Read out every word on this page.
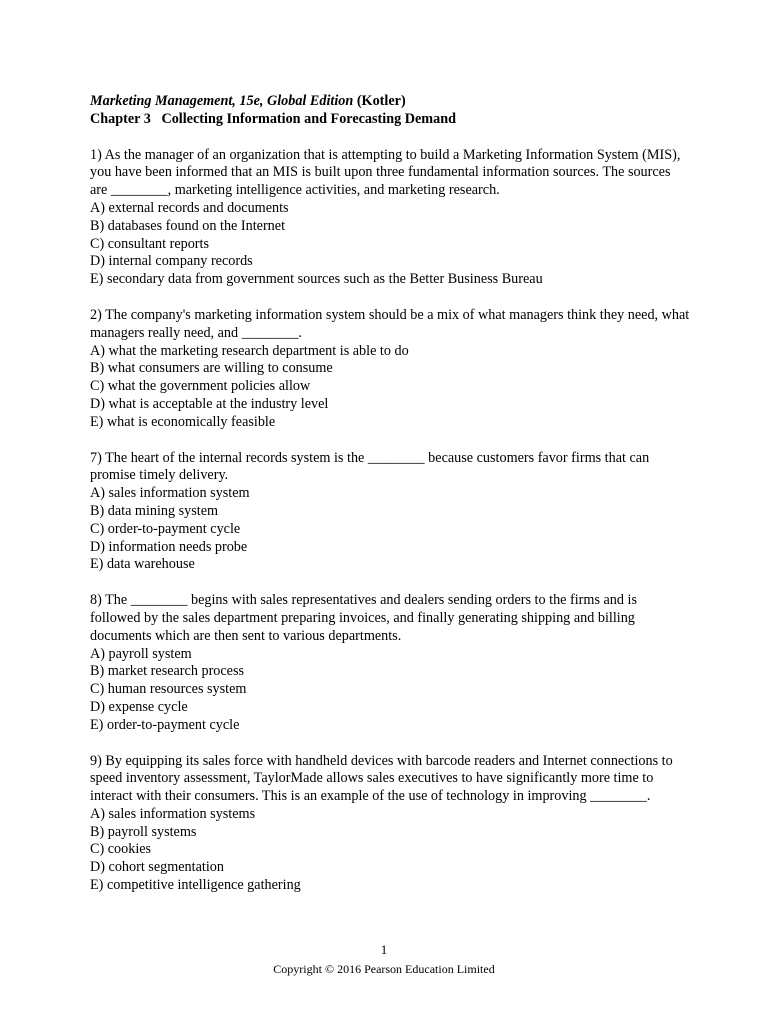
Marketing Management, 15e, Global Edition (Kotler)
Chapter 3   Collecting Information and Forecasting Demand
1) As the manager of an organization that is attempting to build a Marketing Information System (MIS), you have been informed that an MIS is built upon three fundamental information sources. The sources are ________, marketing intelligence activities, and marketing research.
A) external records and documents
B) databases found on the Internet
C) consultant reports
D) internal company records
E) secondary data from government sources such as the Better Business Bureau
2) The company's marketing information system should be a mix of what managers think they need, what managers really need, and ________.
A) what the marketing research department is able to do
B) what consumers are willing to consume
C) what the government policies allow
D) what is acceptable at the industry level
E) what is economically feasible
7) The heart of the internal records system is the ________ because customers favor firms that can promise timely delivery.
A) sales information system
B) data mining system
C) order-to-payment cycle
D) information needs probe
E) data warehouse
8) The ________ begins with sales representatives and dealers sending orders to the firms and is followed by the sales department preparing invoices, and finally generating shipping and billing documents which are then sent to various departments.
A) payroll system
B) market research process
C) human resources system
D) expense cycle
E) order-to-payment cycle
9) By equipping its sales force with handheld devices with barcode readers and Internet connections to speed inventory assessment, TaylorMade allows sales executives to have significantly more time to interact with their consumers. This is an example of the use of technology in improving ________.
A) sales information systems
B) payroll systems
C) cookies
D) cohort segmentation
E) competitive intelligence gathering
1
Copyright © 2016 Pearson Education Limited
